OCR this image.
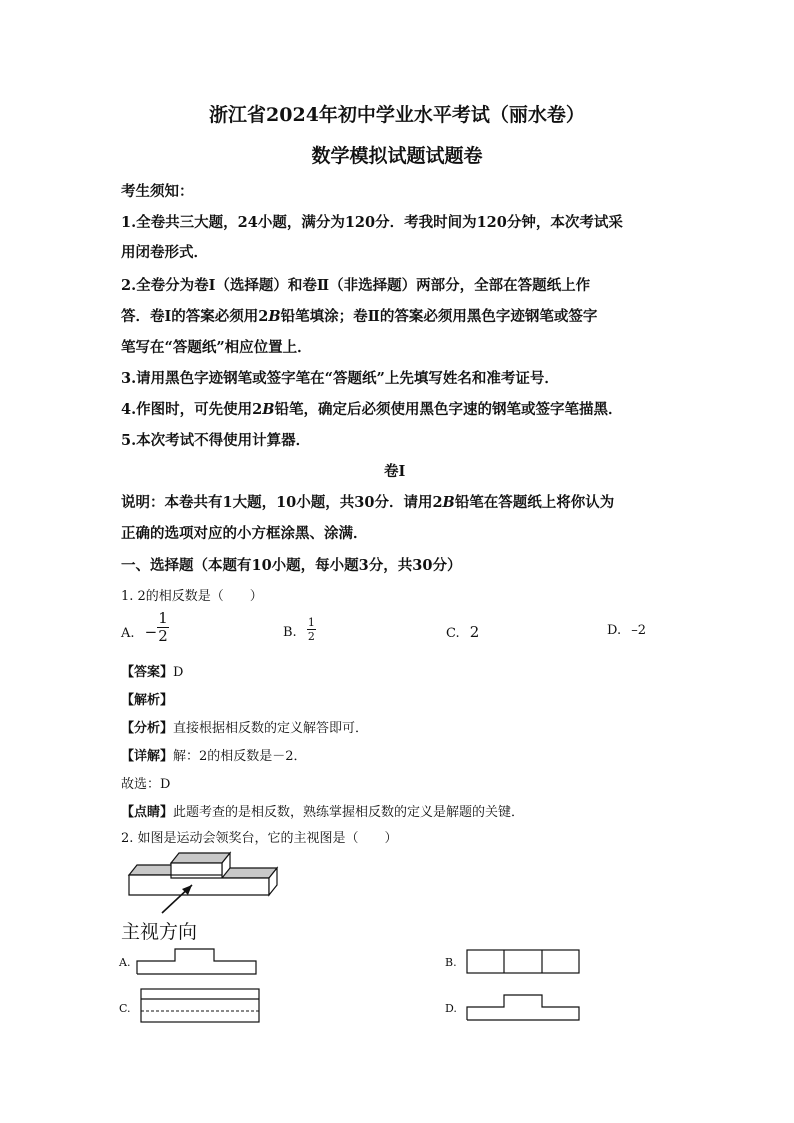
浙江省2024年初中学业水平考试（丽水卷）
数学模拟试题试题卷
考生须知：
1.全卷共三大题，24小题，满分为120分．考我时间为120分钟，本次考试采
用闭卷形式．
2.全卷分为卷Ⅰ（选择题）和卷Ⅱ（非选择题）两部分，全部在答题纸上作
答．卷Ⅰ的答案必须用2B铅笔填涂；卷Ⅱ的答案必须用黑色字迹钢笔或签字
笔写在“答题纸”相应位置上．
3.请用黑色字迹钢笔或签字笔在“答题纸”上先填写姓名和准考证号．
4.作图时，可先使用2B铅笔，确定后必须使用黑色字速的钢笔或签字笔描黑．
5.本次考试不得使用计算器．
卷Ⅰ
说明：本卷共有1大题，10小题，共30分．请用2B铅笔在答题纸上将你认为
正确的选项对应的小方框涂黑、涂满．
一、选择题（本题有10小题，每小题3分，共30分）
1. 2的相反数是（　　）
A. − $\frac{1}{2}$	B. $\frac{1}{2}$	C. 2	D. –2
【答案】D
【解析】
【分析】直接根据相反数的定义解答即可．
【详解】解：2的相反数是－2．
故选：D
【点睛】此题考查的是相反数，熟练掌握相反数的定义是解题的关键．
2. 如图是运动会领奖台，它的主视图是（　　）
主视方向
A.	B.
C.	D.
